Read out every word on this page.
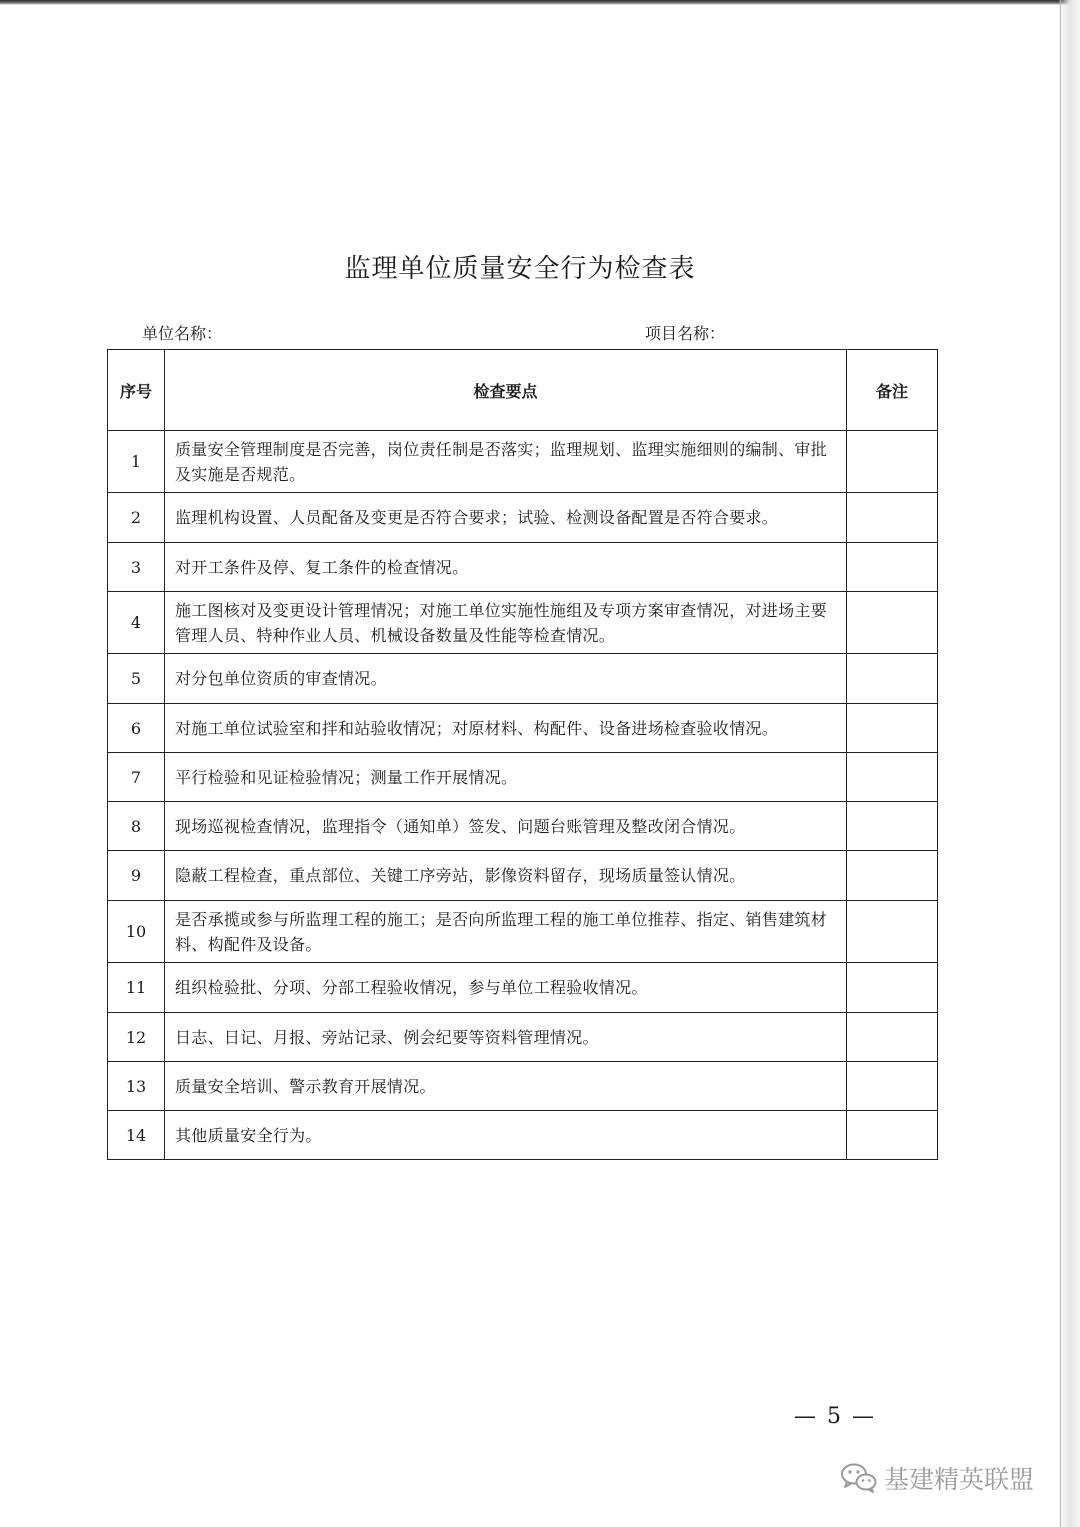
监理单位质量安全行为检查表
单位名称：	项目名称：
序号	检查要点	备注
1	质量安全管理制度是否完善，岗位责任制是否落实；监理规划、监理实施细则的编制、审批及实施是否规范。	
2	监理机构设置、人员配备及变更是否符合要求；试验、检测设备配置是否符合要求。	
3	对开工条件及停、复工条件的检查情况。	
4	施工图核对及变更设计管理情况；对施工单位实施性施组及专项方案审查情况，对进场主要管理人员、特种作业人员、机械设备数量及性能等检查情况。	
5	对分包单位资质的审查情况。	
6	对施工单位试验室和拌和站验收情况；对原材料、构配件、设备进场检查验收情况。	
7	平行检验和见证检验情况；测量工作开展情况。	
8	现场巡视检查情况，监理指令（通知单）签发、问题台账管理及整改闭合情况。	
9	隐蔽工程检查，重点部位、关键工序旁站，影像资料留存，现场质量签认情况。	
10	是否承揽或参与所监理工程的施工；是否向所监理工程的施工单位推荐、指定、销售建筑材料、构配件及设备。	
11	组织检验批、分项、分部工程验收情况，参与单位工程验收情况。	
12	日志、日记、月报、旁站记录、例会纪要等资料管理情况。	
13	质量安全培训、警示教育开展情况。	
14	其他质量安全行为。	
— 5 —
基建精英联盟
